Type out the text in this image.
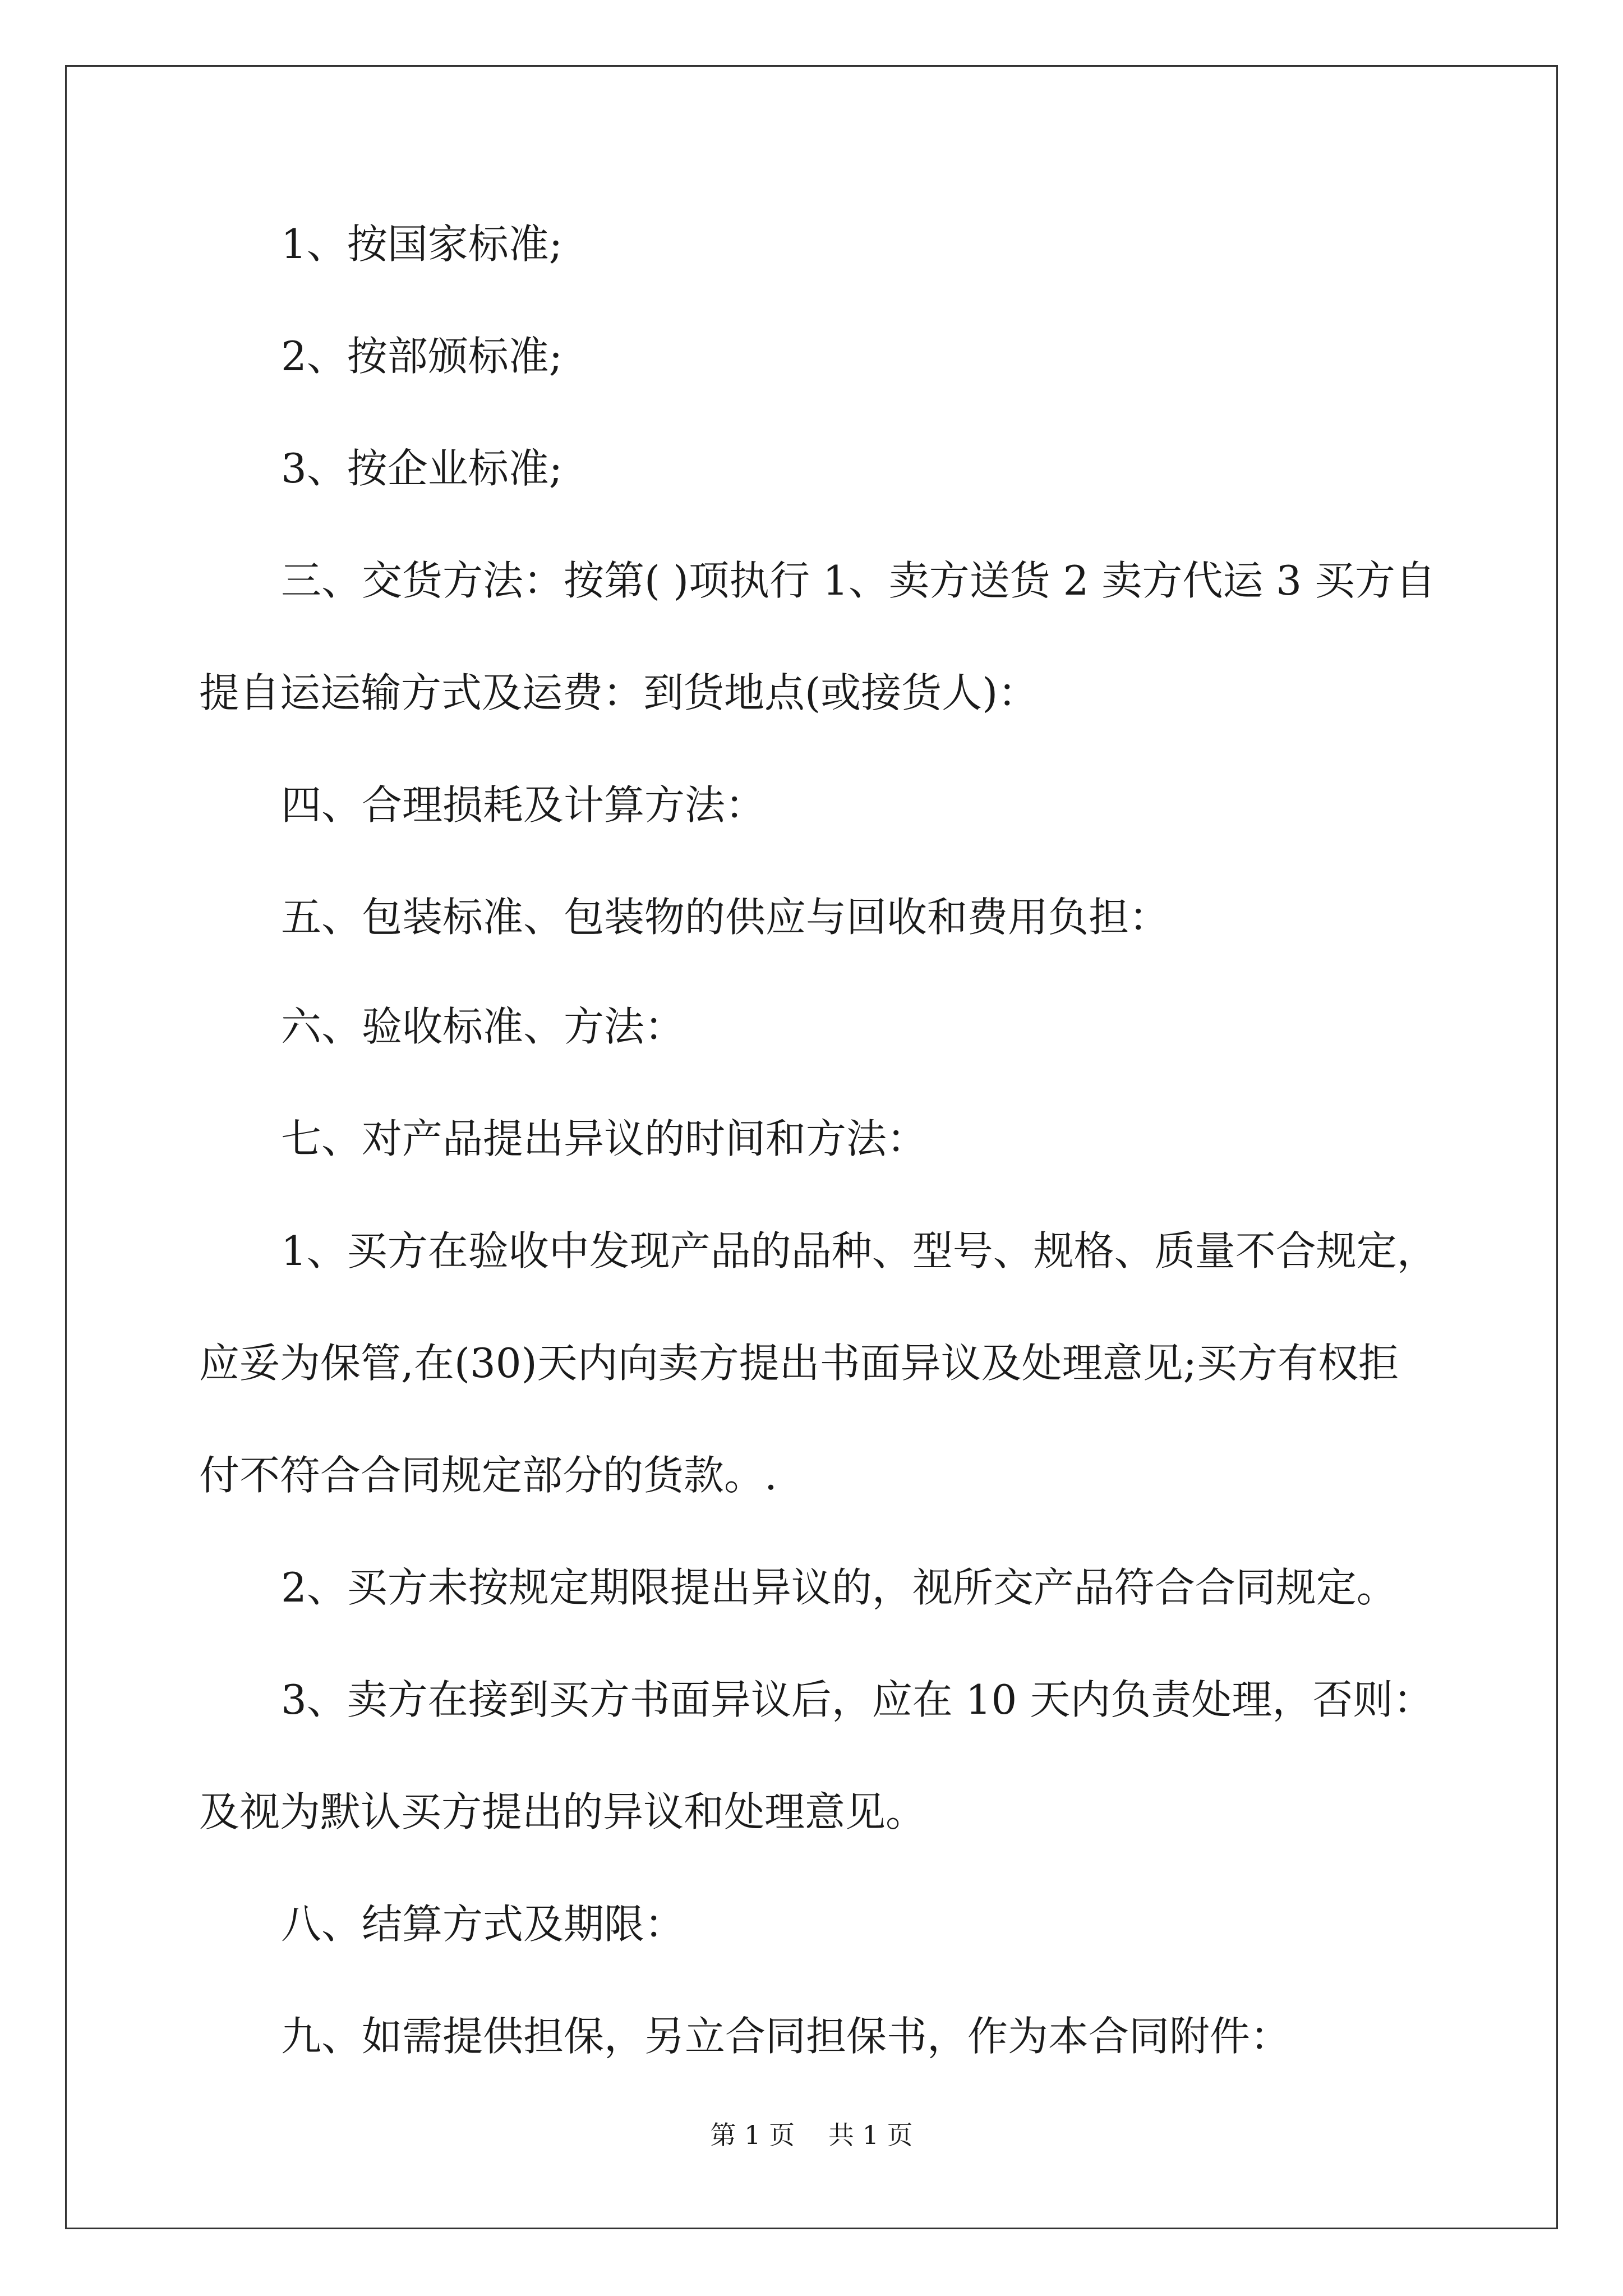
1、按国家标准;

2、按部颁标准;

3、按企业标准;

三、交货方法：按第( )项执行 1、卖方送货 2 卖方代运 3 买方自

提自运运输方式及运费：到货地点(或接货人)：

四、合理损耗及计算方法：

五、包装标准、包装物的供应与回收和费用负担：

六、验收标准、方法：

七、对产品提出异议的时间和方法：

1、买方在验收中发现产品的品种、型号、规格、质量不合规定，

应妥为保管,在(30)天内向卖方提出书面异议及处理意见;买方有权拒

付不符合合同规定部分的货款。.

2、买方未按规定期限提出异议的，视所交产品符合合同规定。

3、卖方在接到买方书面异议后，应在 10 天内负责处理，否则：

及视为默认买方提出的异议和处理意见。

八、结算方式及期限：

九、如需提供担保，另立合同担保书，作为本合同附件：

第 1 页 共 1 页
